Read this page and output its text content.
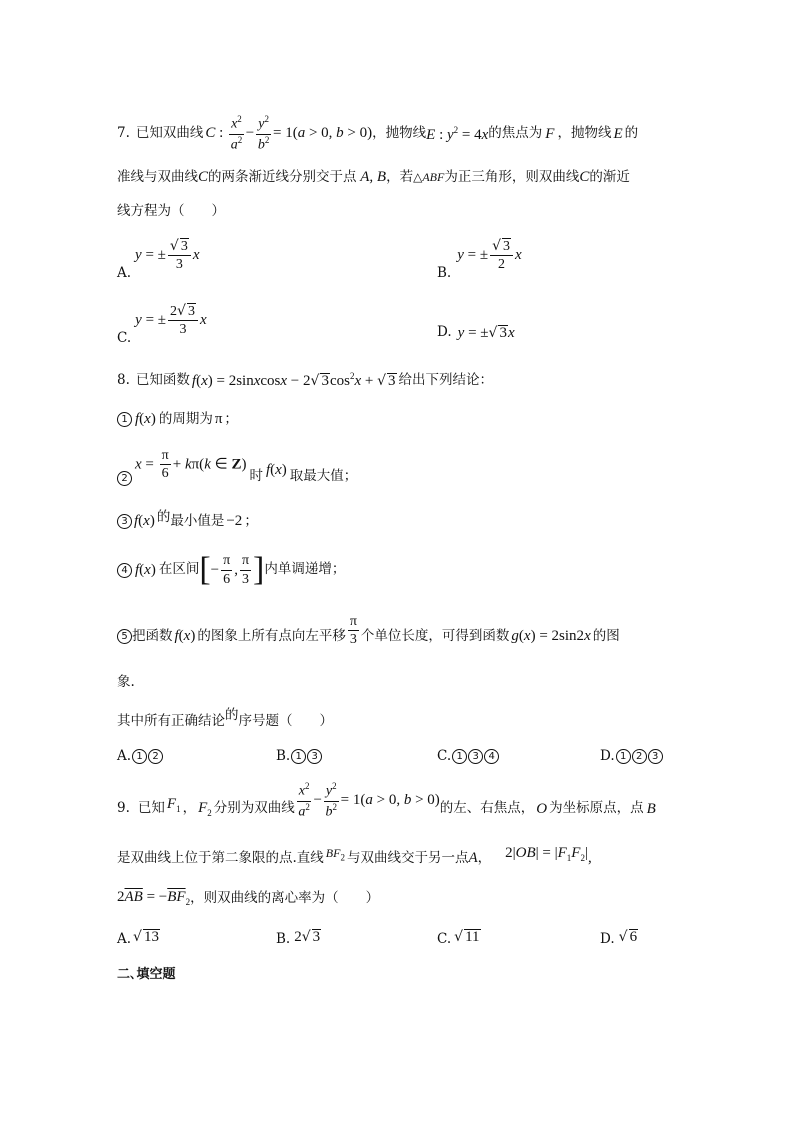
7. 已知双曲线 C : $\frac{x^2}{a^2} - \frac{y^2}{b^2} = 1(a > 0$, b > 0) ，抛物线 E : $y^2 = 4x$ 的焦点为 F ，抛物线 E 的
准线与双曲线C的两条渐近线分别交于点 A, B，若△ABF为正三角形，则双曲线C的渐近
线方程为（　　）
A.
y = ± $\frac{√ 3}{3}$ x
B.
y = ± $\frac{√ 3}{2}$ x
C.
y = ± $\frac{2√ 3}{3}$ x
D. y = ±√ 3x
8. 已知函数 f(x) = 2sinxcosx − 2√ $3\cos^2x$ + √ 3 给出下列结论：
1 f(x) 的周期为 π ；
2
$x = \frac{\pi}{6} + k\pi(k$ ∈ Z)
时 f(x) 取最大值；
3 f(x) 的 最小值是 −2 ；
4 f(x) 在区间 [ − $\frac{\pi}{6}$ , $\frac{\pi}{3}$ ] 内单调递增；
5 把函数 f(x) 的图象上所有点向左平移 $\frac{\pi}{3}$ 个单位长度，可得到函数 g(x) = 2sin2x 的图
象.
其中所有正确结论的序号题（　　）
A. 1 2	B. 1 3	C. 1 3 4	D. 1 2 3
9. 已知 $F_1$ ， $F_2$ 分别为双曲线 $\frac{x^2}{a^2} - \frac{y^2}{b^2} = 1(a > 0$, b > 0) 的左、右焦点， O 为坐标原点，点 B
是双曲线上位于第二象限的点.直线 $BF_2$ 与双曲线交于另一点 A ， $2|OB| = |F_1F_2|$ ,
$2\overline{AB} = -\overline{BF}_2$ ，则双曲线的离心率为（　　）
A. √ 13	B. 2√ 3	C. √ 11	D. √ 6
二､填空题
